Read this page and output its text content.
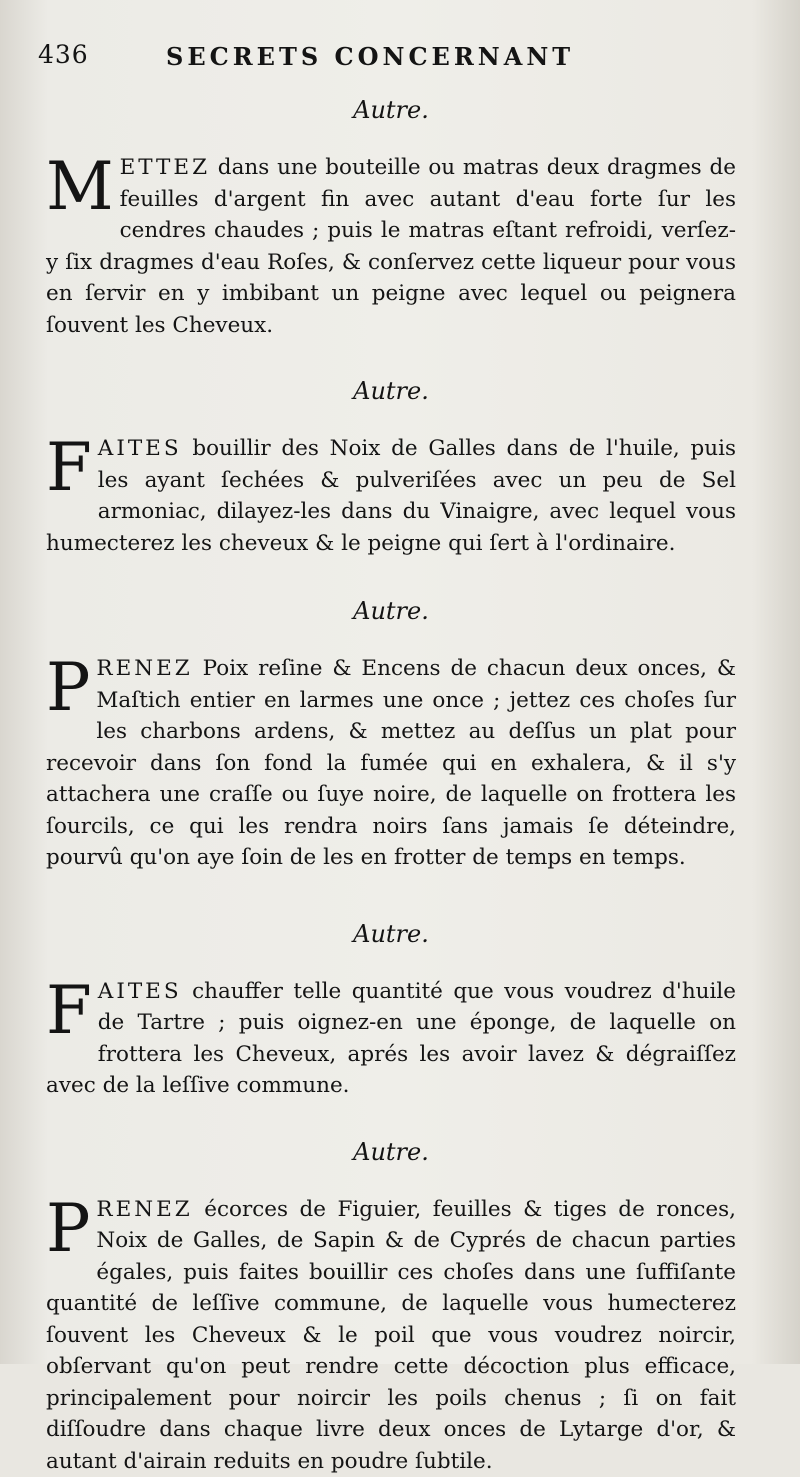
436	SECRETS CONCERNANT
Autre.

METTEZ dans une bouteille ou matras deux dragmes de feuilles d'argent fin avec autant d'eau forte ſur les cendres chaudes ; puis le matras eſtant refroidi, verſez-y ſix dragmes d'eau Roſes, & conſervez cette liqueur pour vous en ſervir en y imbibant un peigne avec lequel ou peignera ſouvent les Cheveux.

Autre.

FAITES bouillir des Noix de Galles dans de l'huile, puis les ayant ſechées & pulveriſées avec un peu de Sel armoniac, dilayez-les dans du Vinaigre, avec lequel vous humecterez les cheveux & le peigne qui ſert à l'ordinaire.

Autre.

PRENEZ Poix reſine & Encens de chacun deux onces, & Maſtich entier en larmes une once ; jettez ces choſes ſur les charbons ardens, & mettez au deſſus un plat pour recevoir dans ſon fond la fumée qui en exhalera, & il s'y attachera une craſſe ou ſuye noire, de laquelle on frottera les ſourcils, ce qui les rendra noirs ſans jamais ſe déteindre, pourvû qu'on aye ſoin de les en frotter de temps en temps.

Autre.

FAITES chauffer telle quantité que vous voudrez d'huile de Tartre ; puis oignez-en une éponge, de laquelle on frottera les Cheveux, aprés les avoir lavez & dégraiſſez avec de la leſſive commune.

Autre.

PRENEZ écorces de Figuier, feuilles & tiges de ronces, Noix de Galles, de Sapin & de Cyprés de chacun parties égales, puis faites bouillir ces choſes dans une ſuffiſante quantité de leſſive commune, de laquelle vous humecterez ſouvent les Cheveux & le poil que vous voudrez noircir, obſervant qu'on peut rendre cette décoction plus efficace, principalement pour noircir les poils chenus ; ſi on fait diſſoudre dans chaque livre deux onces de Lytarge d'or, & autant d'airain reduits en poudre ſubtile.
